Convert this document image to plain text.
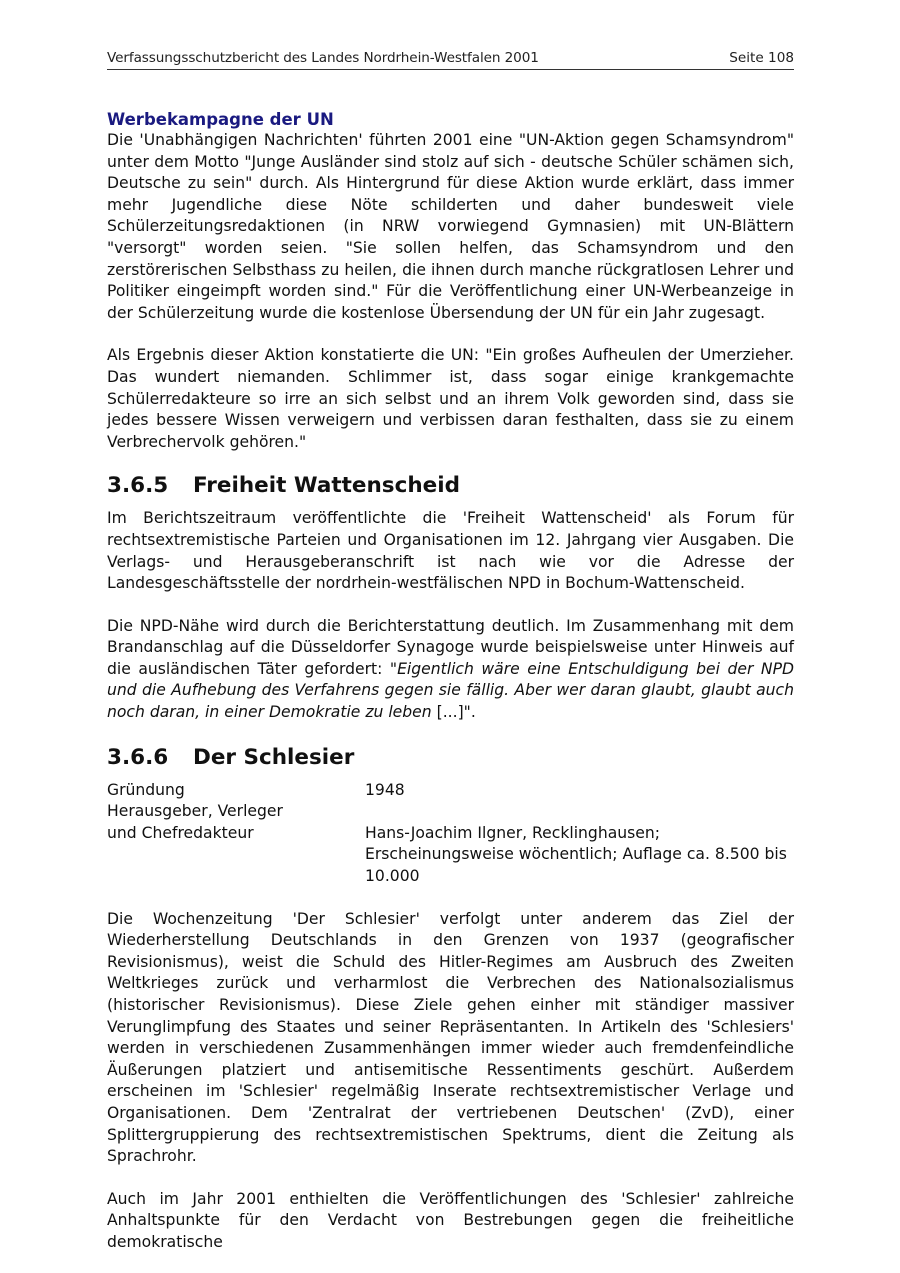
Verfassungsschutzbericht des Landes Nordrhein-Westfalen 2001	Seite 108
Werbekampagne der UN

Die 'Unabhängigen Nachrichten' führten 2001 eine "UN-Aktion gegen Schamsyndrom" unter dem Motto "Junge Ausländer sind stolz auf sich - deutsche Schüler schämen sich, Deutsche zu sein" durch. Als Hintergrund für diese Aktion wurde erklärt, dass immer mehr Jugendliche diese Nöte schilderten und daher bundesweit viele Schülerzeitungsredaktionen (in NRW vorwiegend Gymnasien) mit UN-Blättern "versorgt" worden seien. "Sie sollen helfen, das Schamsyndrom und den zerstörerischen Selbsthass zu heilen, die ihnen durch manche rückgratlosen Lehrer und Politiker eingeimpft worden sind." Für die Veröffentlichung einer UN-Werbeanzeige in der Schülerzeitung wurde die kostenlose Übersendung der UN für ein Jahr zugesagt.

Als Ergebnis dieser Aktion konstatierte die UN: "Ein großes Aufheulen der Umerzieher. Das wundert niemanden. Schlimmer ist, dass sogar einige krankgemachte Schülerredakteure so irre an sich selbst und an ihrem Volk geworden sind, dass sie jedes bessere Wissen verweigern und verbissen daran festhalten, dass sie zu einem Verbrechervolk gehören."

3.6.5	Freiheit Wattenscheid

Im Berichtszeitraum veröffentlichte die 'Freiheit Wattenscheid' als Forum für rechtsextremistische Parteien und Organisationen im 12. Jahrgang vier Ausgaben. Die Verlags- und Herausgeberanschrift ist nach wie vor die Adresse der Landesgeschäftsstelle der nordrhein-westfälischen NPD in Bochum-Wattenscheid.

Die NPD-Nähe wird durch die Berichterstattung deutlich. Im Zusammenhang mit dem Brandanschlag auf die Düsseldorfer Synagoge wurde beispielsweise unter Hinweis auf die ausländischen Täter gefordert: "Eigentlich wäre eine Entschuldigung bei der NPD und die Aufhebung des Verfahrens gegen sie fällig. Aber wer daran glaubt, glaubt auch noch daran, in einer Demokratie zu leben [...]".

3.6.6	Der Schlesier
Gründung	1948
Herausgeber, Verleger
und Chefredakteur	Hans-Joachim Ilgner, Recklinghausen; Erscheinungsweise wöchentlich; Auflage ca. 8.500 bis 10.000

Die Wochenzeitung 'Der Schlesier' verfolgt unter anderem das Ziel der Wiederherstellung Deutschlands in den Grenzen von 1937 (geografischer Revisionismus), weist die Schuld des Hitler-Regimes am Ausbruch des Zweiten Weltkrieges zurück und verharmlost die Verbrechen des Nationalsozialismus (historischer Revisionismus). Diese Ziele gehen einher mit ständiger massiver Verunglimpfung des Staates und seiner Repräsentanten. In Artikeln des 'Schlesiers' werden in verschiedenen Zusammenhängen immer wieder auch fremdenfeindliche Äußerungen platziert und antisemitische Ressentiments geschürt. Außerdem erscheinen im 'Schlesier' regelmäßig Inserate rechtsextremistischer Verlage und Organisationen. Dem 'Zentralrat der vertriebenen Deutschen' (ZvD), einer Splittergruppierung des rechtsextremistischen Spektrums, dient die Zeitung als Sprachrohr.

Auch im Jahr 2001 enthielten die Veröffentlichungen des 'Schlesier' zahlreiche Anhaltspunkte für den Verdacht von Bestrebungen gegen die freiheitliche demokratische
